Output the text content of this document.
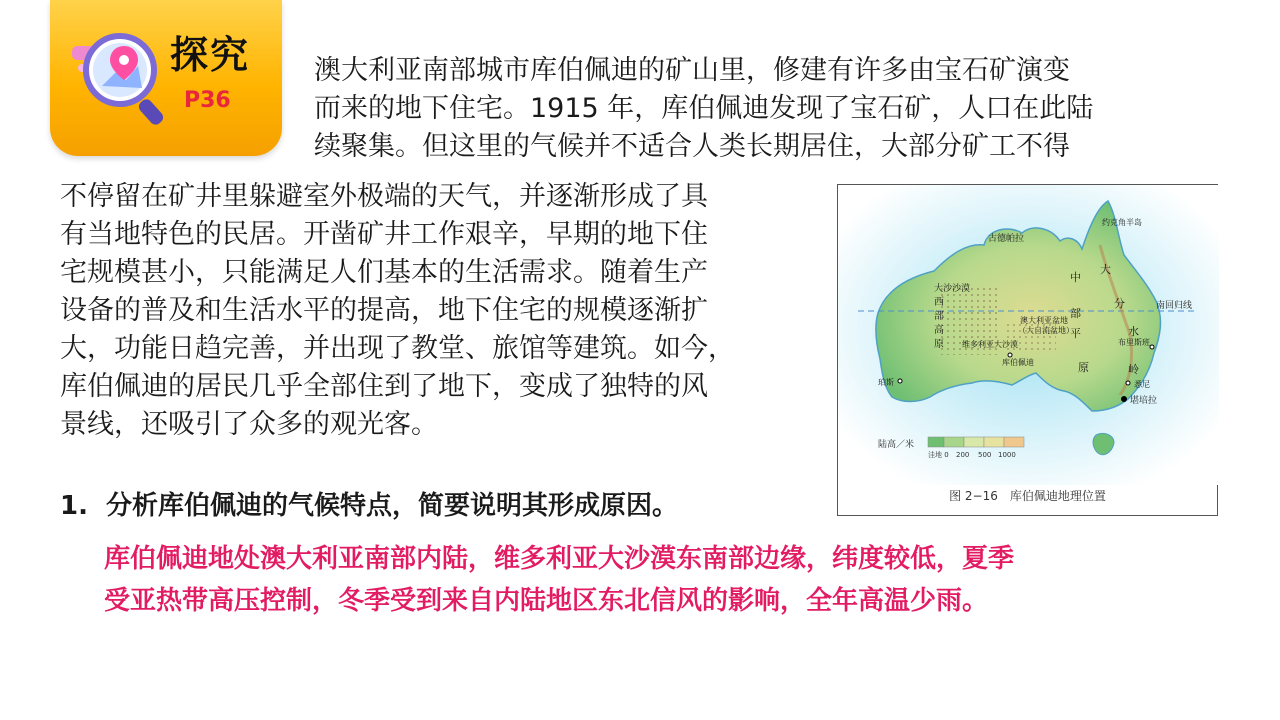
探究
P36
澳大利亚南部城市库伯佩迪的矿山里，修建有许多由宝石矿演变
而来的地下住宅。1915 年，库伯佩迪发现了宝石矿，人口在此陆
续聚集。但这里的气候并不适合人类长期居住，大部分矿工不得
不停留在矿井里躲避室外极端的天气，并逐渐形成了具
有当地特色的民居。开凿矿井工作艰辛，早期的地下住
宅规模甚小，只能满足人们基本的生活需求。随着生产
设备的普及和生活水平的提高，地下住宅的规模逐渐扩
大，功能日趋完善，并出现了教堂、旅馆等建筑。如今，
库伯佩迪的居民几乎全部住到了地下，变成了独特的风
景线，还吸引了众多的观光客。
南回归线
约克角半岛
古德帕拉
大沙沙漠
西
部
高
原
中
部
平
原
澳大利亚盆地
（大自流盆地）
维多利亚大沙漠
库伯佩迪
珀斯
布里斯班
悉尼
堪培拉
大
分
水
岭
陆高／米
洼地 0 200 500 1000
图 2−16　库伯佩迪地理位置
1. 分析库伯佩迪的气候特点，简要说明其形成原因。
库伯佩迪地处澳大利亚南部内陆，维多利亚大沙漠东南部边缘，纬度较低，夏季
受亚热带高压控制，冬季受到来自内陆地区东北信风的影响，全年高温少雨。
